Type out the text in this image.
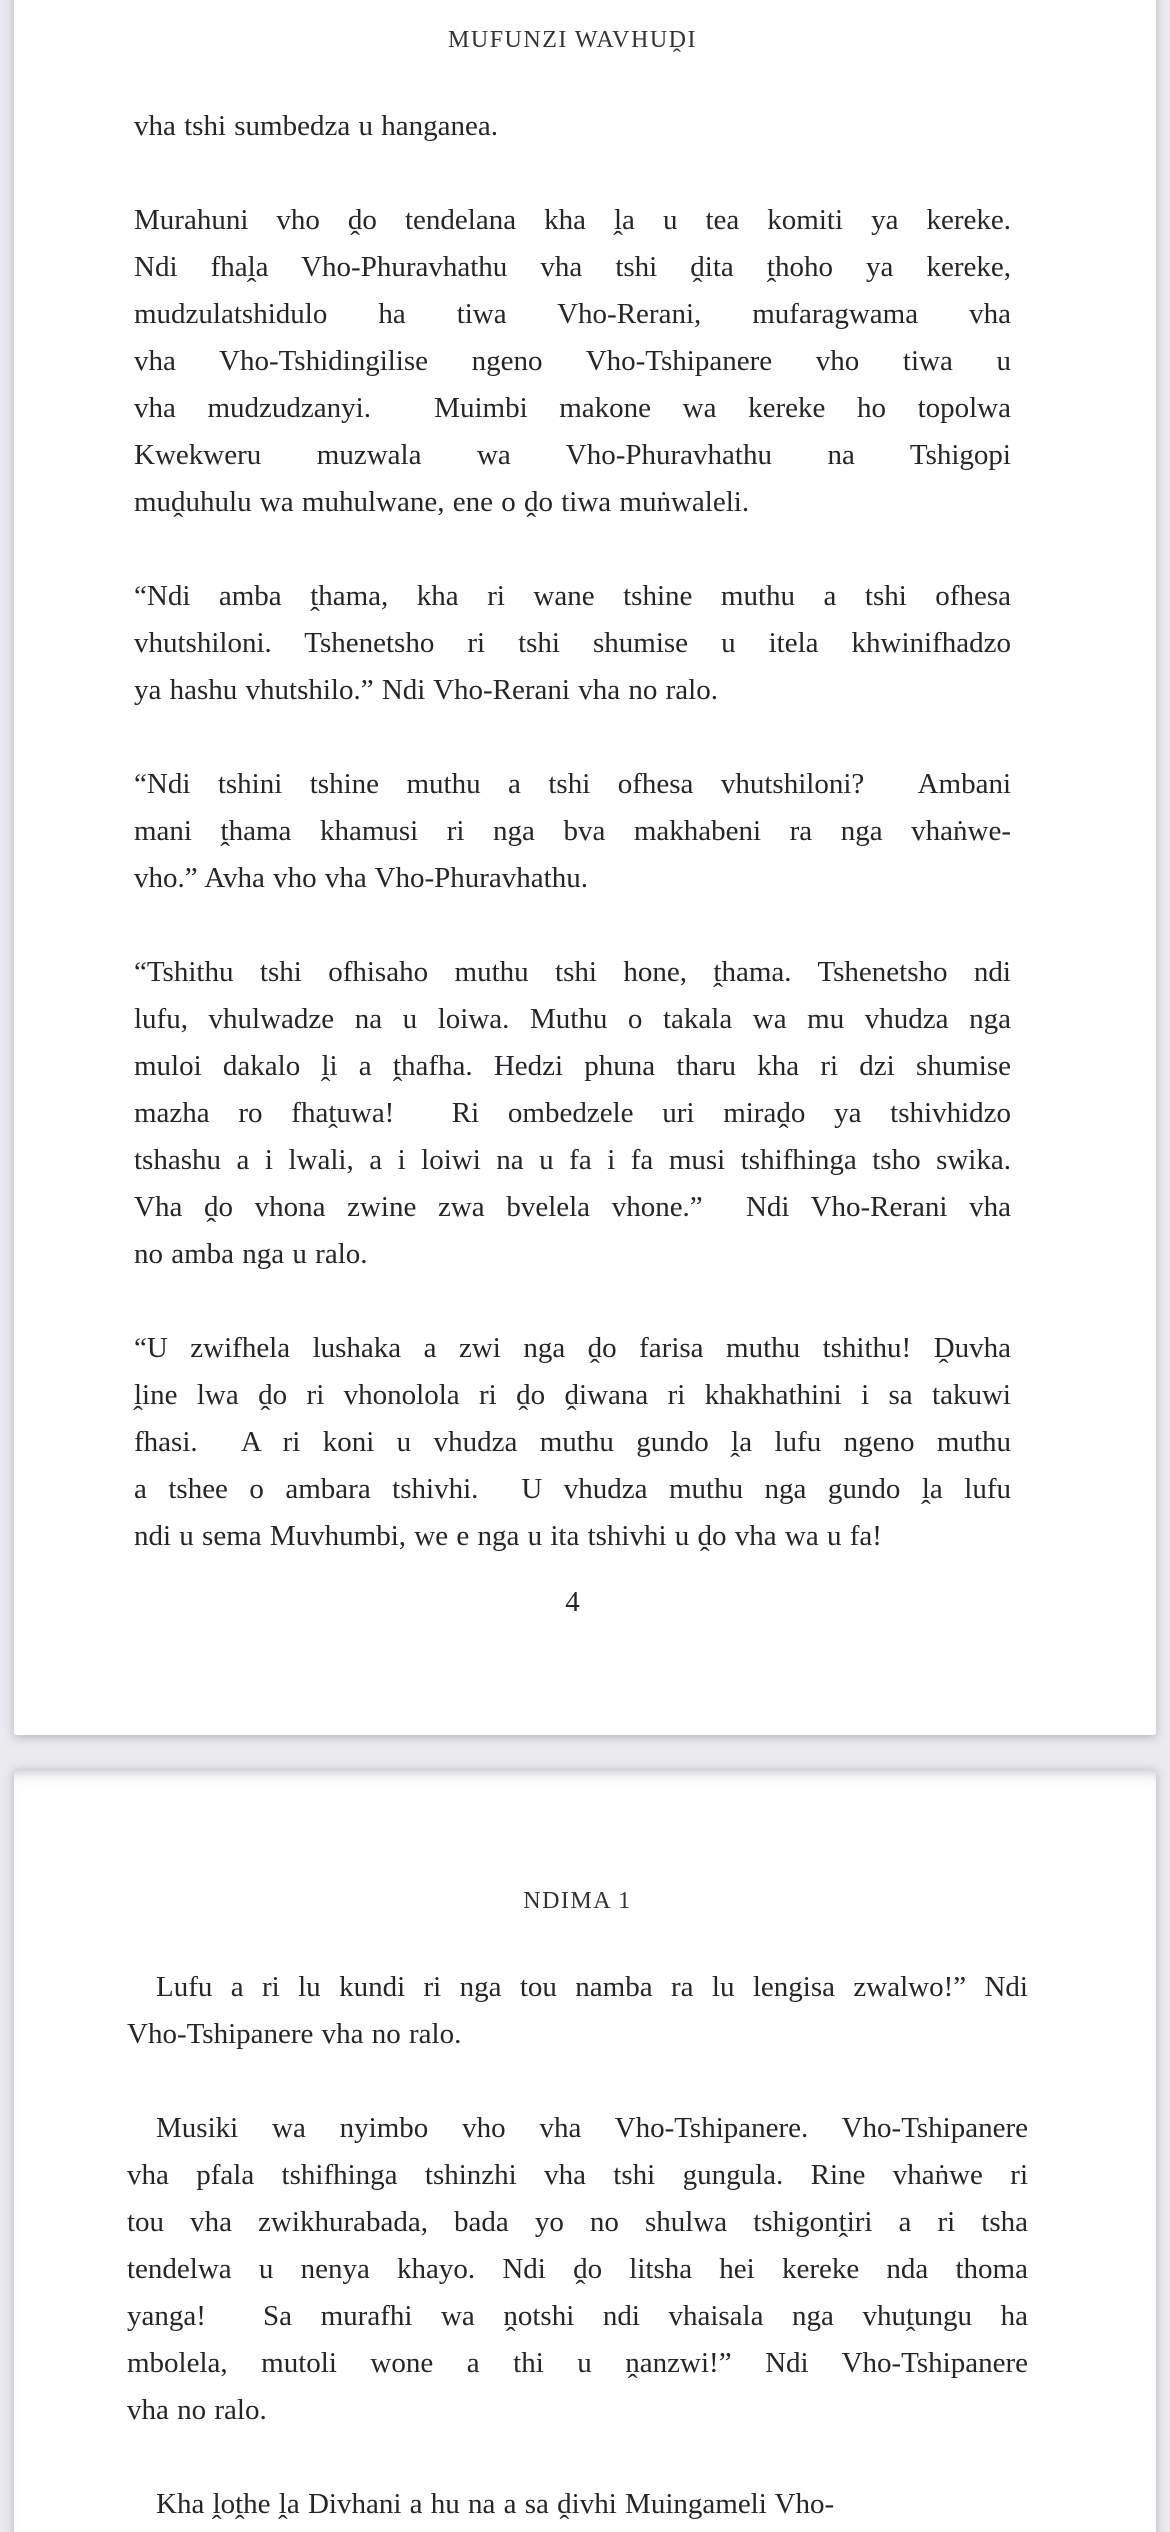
MUFUNZI WAVHUḒI
vha tshi sumbedza u hanganea.
Murahuni vho ḓo tendelana kha ḽa u tea komiti ya kereke.
Ndi fhaḽa Vho-Phuravhathu vha tshi ḓita ṱhoho ya kereke,
mudzulatshidulo ha tiwa Vho-Rerani, mufaragwama vha
vha Vho-Tshidingilise ngeno Vho-Tshipanere vho tiwa u
vha mudzudzanyi.  Muimbi makone wa kereke ho topolwa
Kwekweru muzwala wa Vho-Phuravhathu na Tshigopi
muḓuhulu wa muhulwane, ene o ḓo tiwa muṅwaleli.
“Ndi amba ṱhama, kha ri wane tshine muthu a tshi ofhesa
vhutshiloni. Tshenetsho ri tshi shumise u itela khwinifhadzo
ya hashu vhutshilo.” Ndi Vho-Rerani vha no ralo.
“Ndi tshini tshine muthu a tshi ofhesa vhutshiloni?  Ambani
mani ṱhama khamusi ri nga bva makhabeni ra nga vhaṅwe-
vho.” Avha vho vha Vho-Phuravhathu.
“Tshithu tshi ofhisaho muthu tshi hone, ṱhama. Tshenetsho ndi
lufu, vhulwadze na u loiwa. Muthu o takala wa mu vhudza nga
muloi dakalo ḽi a ṱhafha. Hedzi phuna tharu kha ri dzi shumise
mazha ro fhaṱuwa!  Ri ombedzele uri miraḓo ya tshivhidzo
tshashu a i lwali, a i loiwi na u fa i fa musi tshifhinga tsho swika.
Vha ḓo vhona zwine zwa bvelela vhone.”  Ndi Vho-Rerani vha
no amba nga u ralo.
“U zwifhela lushaka a zwi nga ḓo farisa muthu tshithu! Ḓuvha
ḽine lwa ḓo ri vhonolola ri ḓo ḓiwana ri khakhathini i sa takuwi
fhasi.  A ri koni u vhudza muthu gundo ḽa lufu ngeno muthu
a tshee o ambara tshivhi.  U vhudza muthu nga gundo ḽa lufu
ndi u sema Muvhumbi, we e nga u ita tshivhi u ḓo vha wa u fa!
4
NDIMA 1
Lufu a ri lu kundi ri nga tou namba ra lu lengisa zwalwo!” Ndi
Vho-Tshipanere vha no ralo.
Musiki wa nyimbo vho vha Vho-Tshipanere. Vho-Tshipanere
vha pfala tshifhinga tshinzhi vha tshi gungula. Rine vhaṅwe ri
tou vha zwikhurabada, bada yo no shulwa tshigonṱiri a ri tsha
tendelwa u nenya khayo. Ndi ḓo litsha hei kereke nda thoma
yanga!  Sa murafhi wa ṋotshi ndi vhaisala nga vhuṱungu ha
mbolela, mutoli wone a thi u ṋanzwi!” Ndi Vho-Tshipanere
vha no ralo.
Kha ḽoṱhe ḽa Divhani a hu na a sa ḓivhi Muingameli Vho-
